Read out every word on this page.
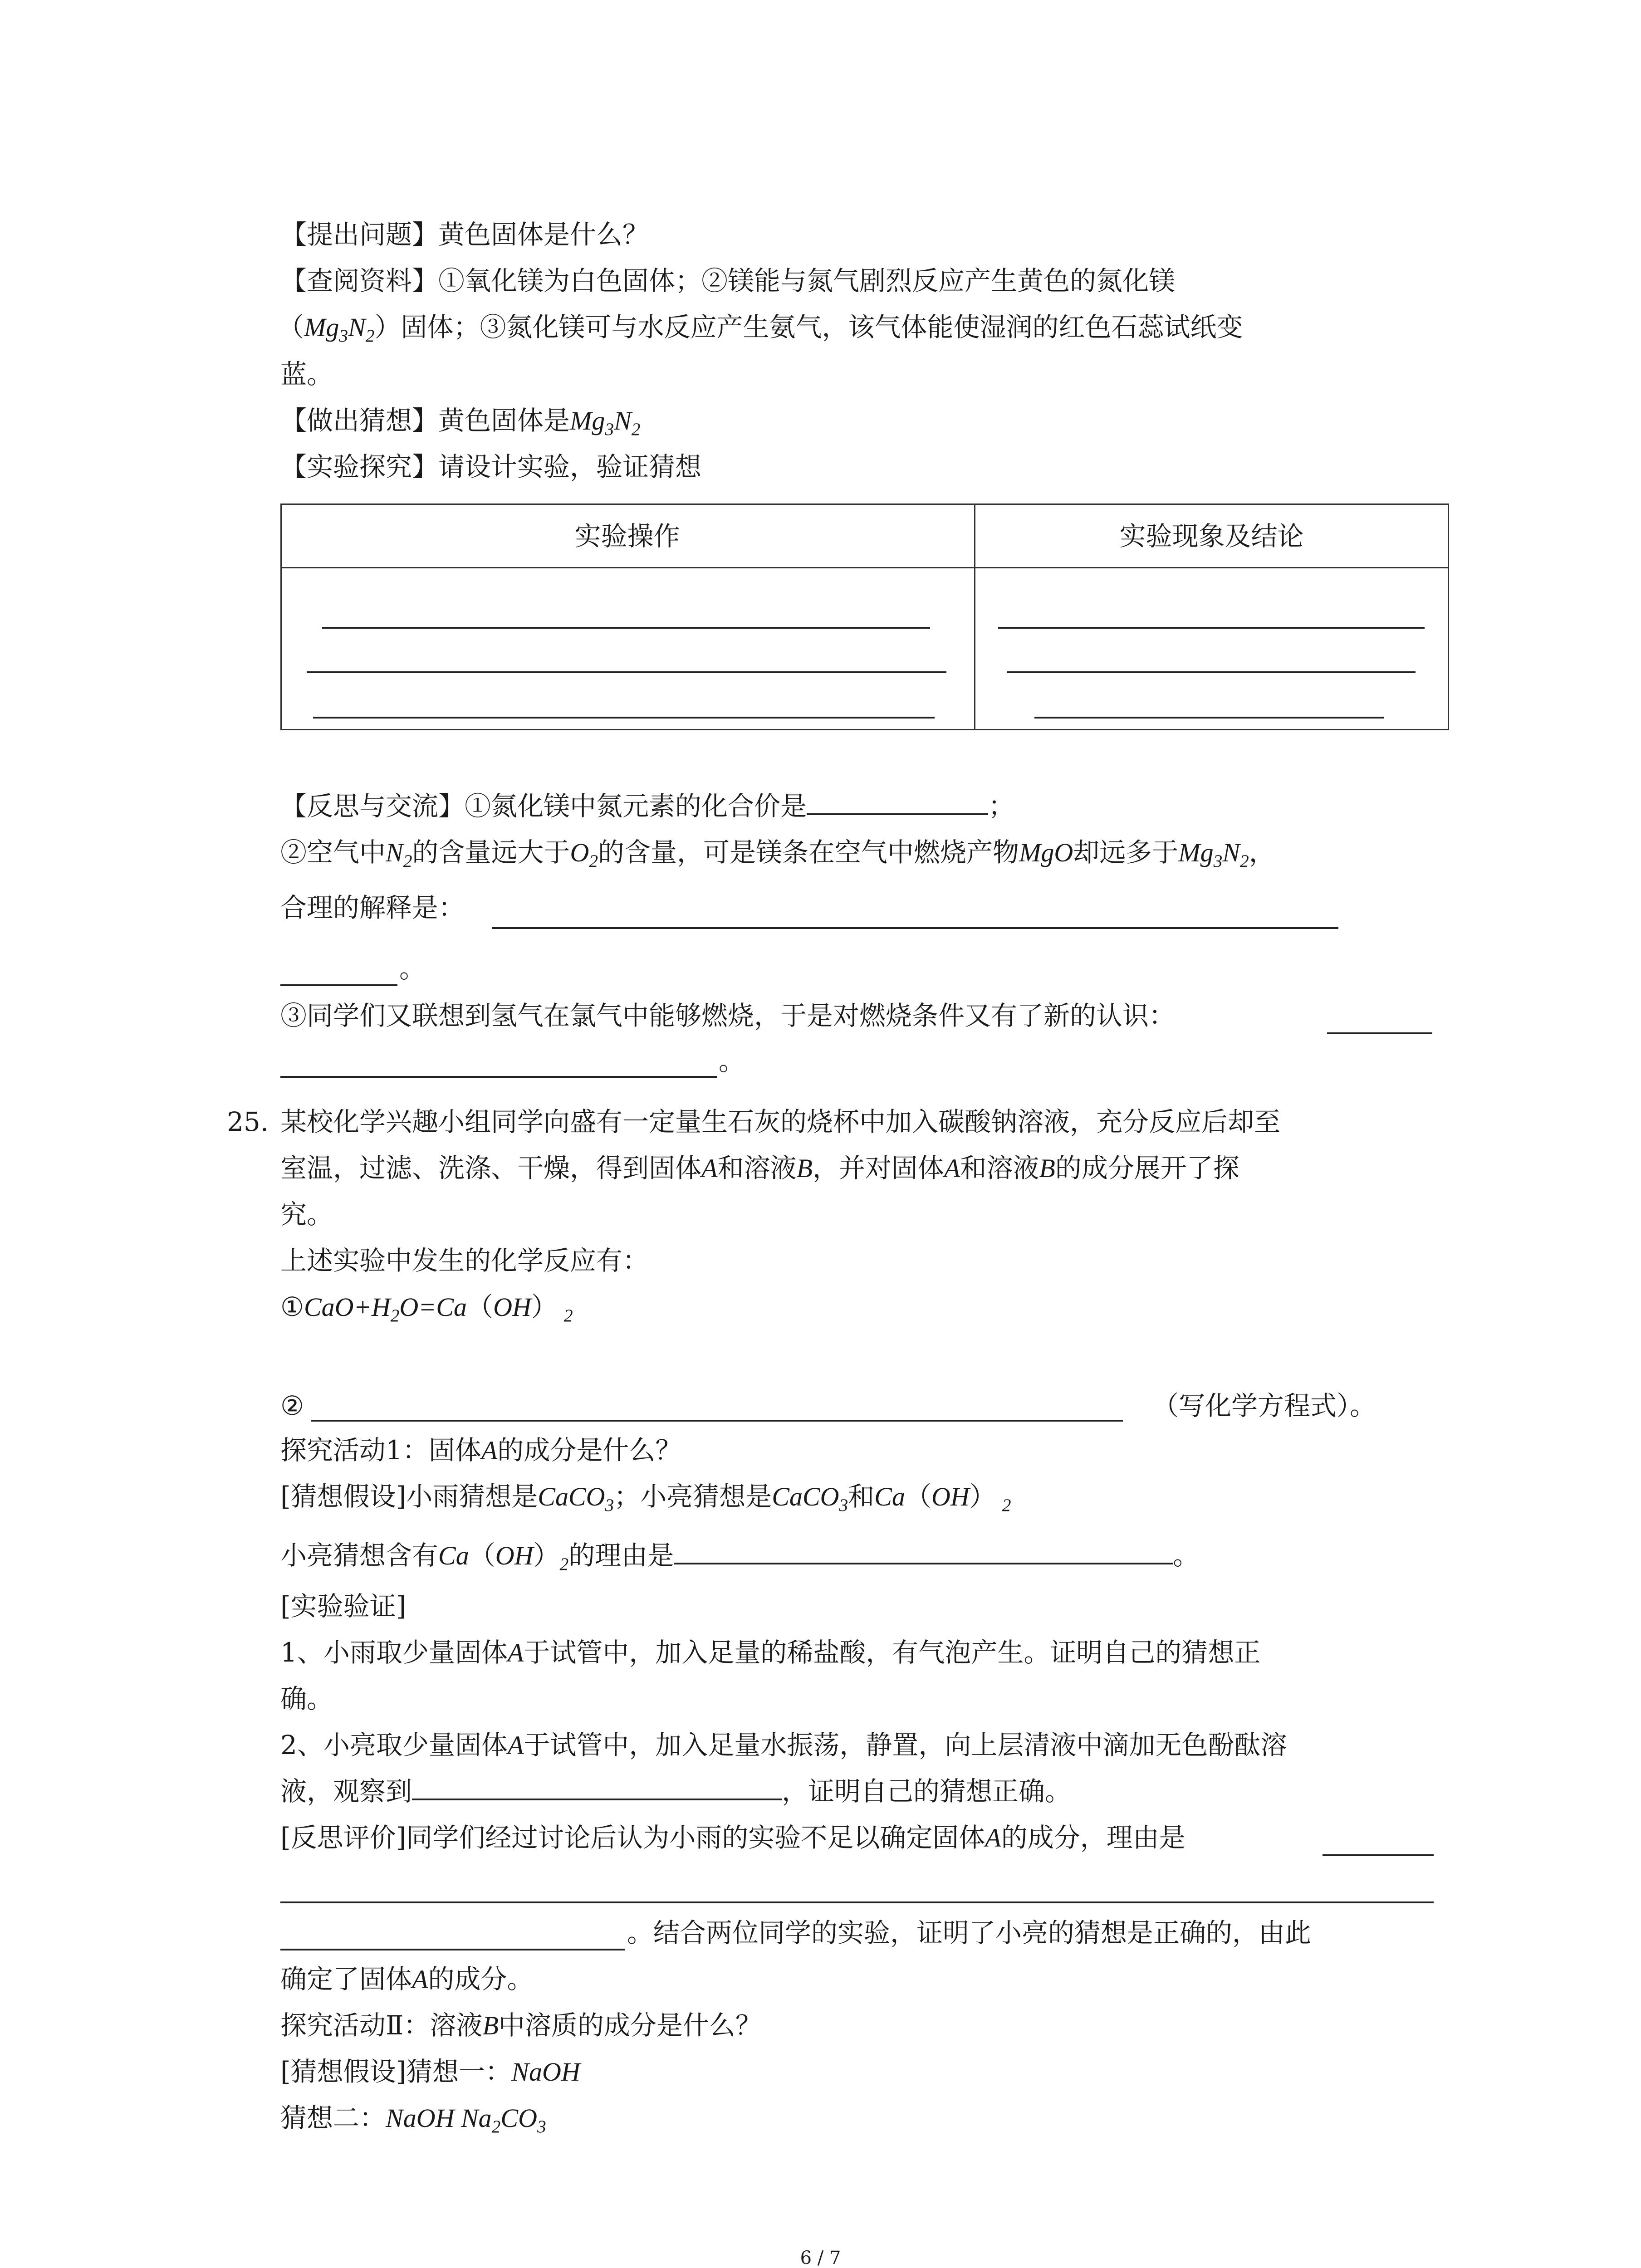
【提出问题】黄色固体是什么？
【查阅资料】①氧化镁为白色固体；②镁能与氮气剧烈反应产生黄色的氮化镁
$(Mg_3N_2)$固体；③氮化镁可与水反应产生氨气，该气体能使湿润的红色石蕊试纸变
蓝。
【做出猜想】黄色固体是$Mg_3N_2$
【实验探究】请设计实验，验证猜想
实验操作	实验现象及结论
【反思与交流】①氮化镁中氮元素的化合价是	；
②空气中$N_2$的含量远大于$O_2$的含量，可是镁条在空气中燃烧产物MgO却远多于$Mg_3N_2$，
合理的解释是：
。
③同学们又联想到氢气在氯气中能够燃烧，于是对燃烧条件又有了新的认识：
。
25. 某校化学兴趣小组同学向盛有一定量生石灰的烧杯中加入碳酸钠溶液，充分反应后却至
室温，过滤、洗涤、干燥，得到固体A和溶液B，并对固体A和溶液B的成分展开了探
究。
上述实验中发生的化学反应有：
$①CaO+H_2O=Ca(OH)$ $_2$
②	（写化学方程式）。
探究活动1：固体A的成分是什么？
[猜想假设]小雨猜想是CaCO$_3$；小亮猜想是CaCO$_3$和Ca（OH） $_2$
小亮猜想含有$Ca(OH)_2$的理由是	。
[实验验证]
1、小雨取少量固体A于试管中，加入足量的稀盐酸，有气泡产生。证明自己的猜想正
确。
2、小亮取少量固体A于试管中，加入足量水振荡，静置，向上层清液中滴加无色酚酞溶
液，观察到	，证明自己的猜想正确。
[反思评价]同学们经过讨论后认为小雨的实验不足以确定固体A的成分，理由是
。结合两位同学的实验，证明了小亮的猜想是正确的，由此
确定了固体A的成分。
探究活动Ⅱ：溶液B中溶质的成分是什么？
[猜想假设]猜想一：NaOH
猜想二：NaOH $Na_2CO_3$
6 / 7
